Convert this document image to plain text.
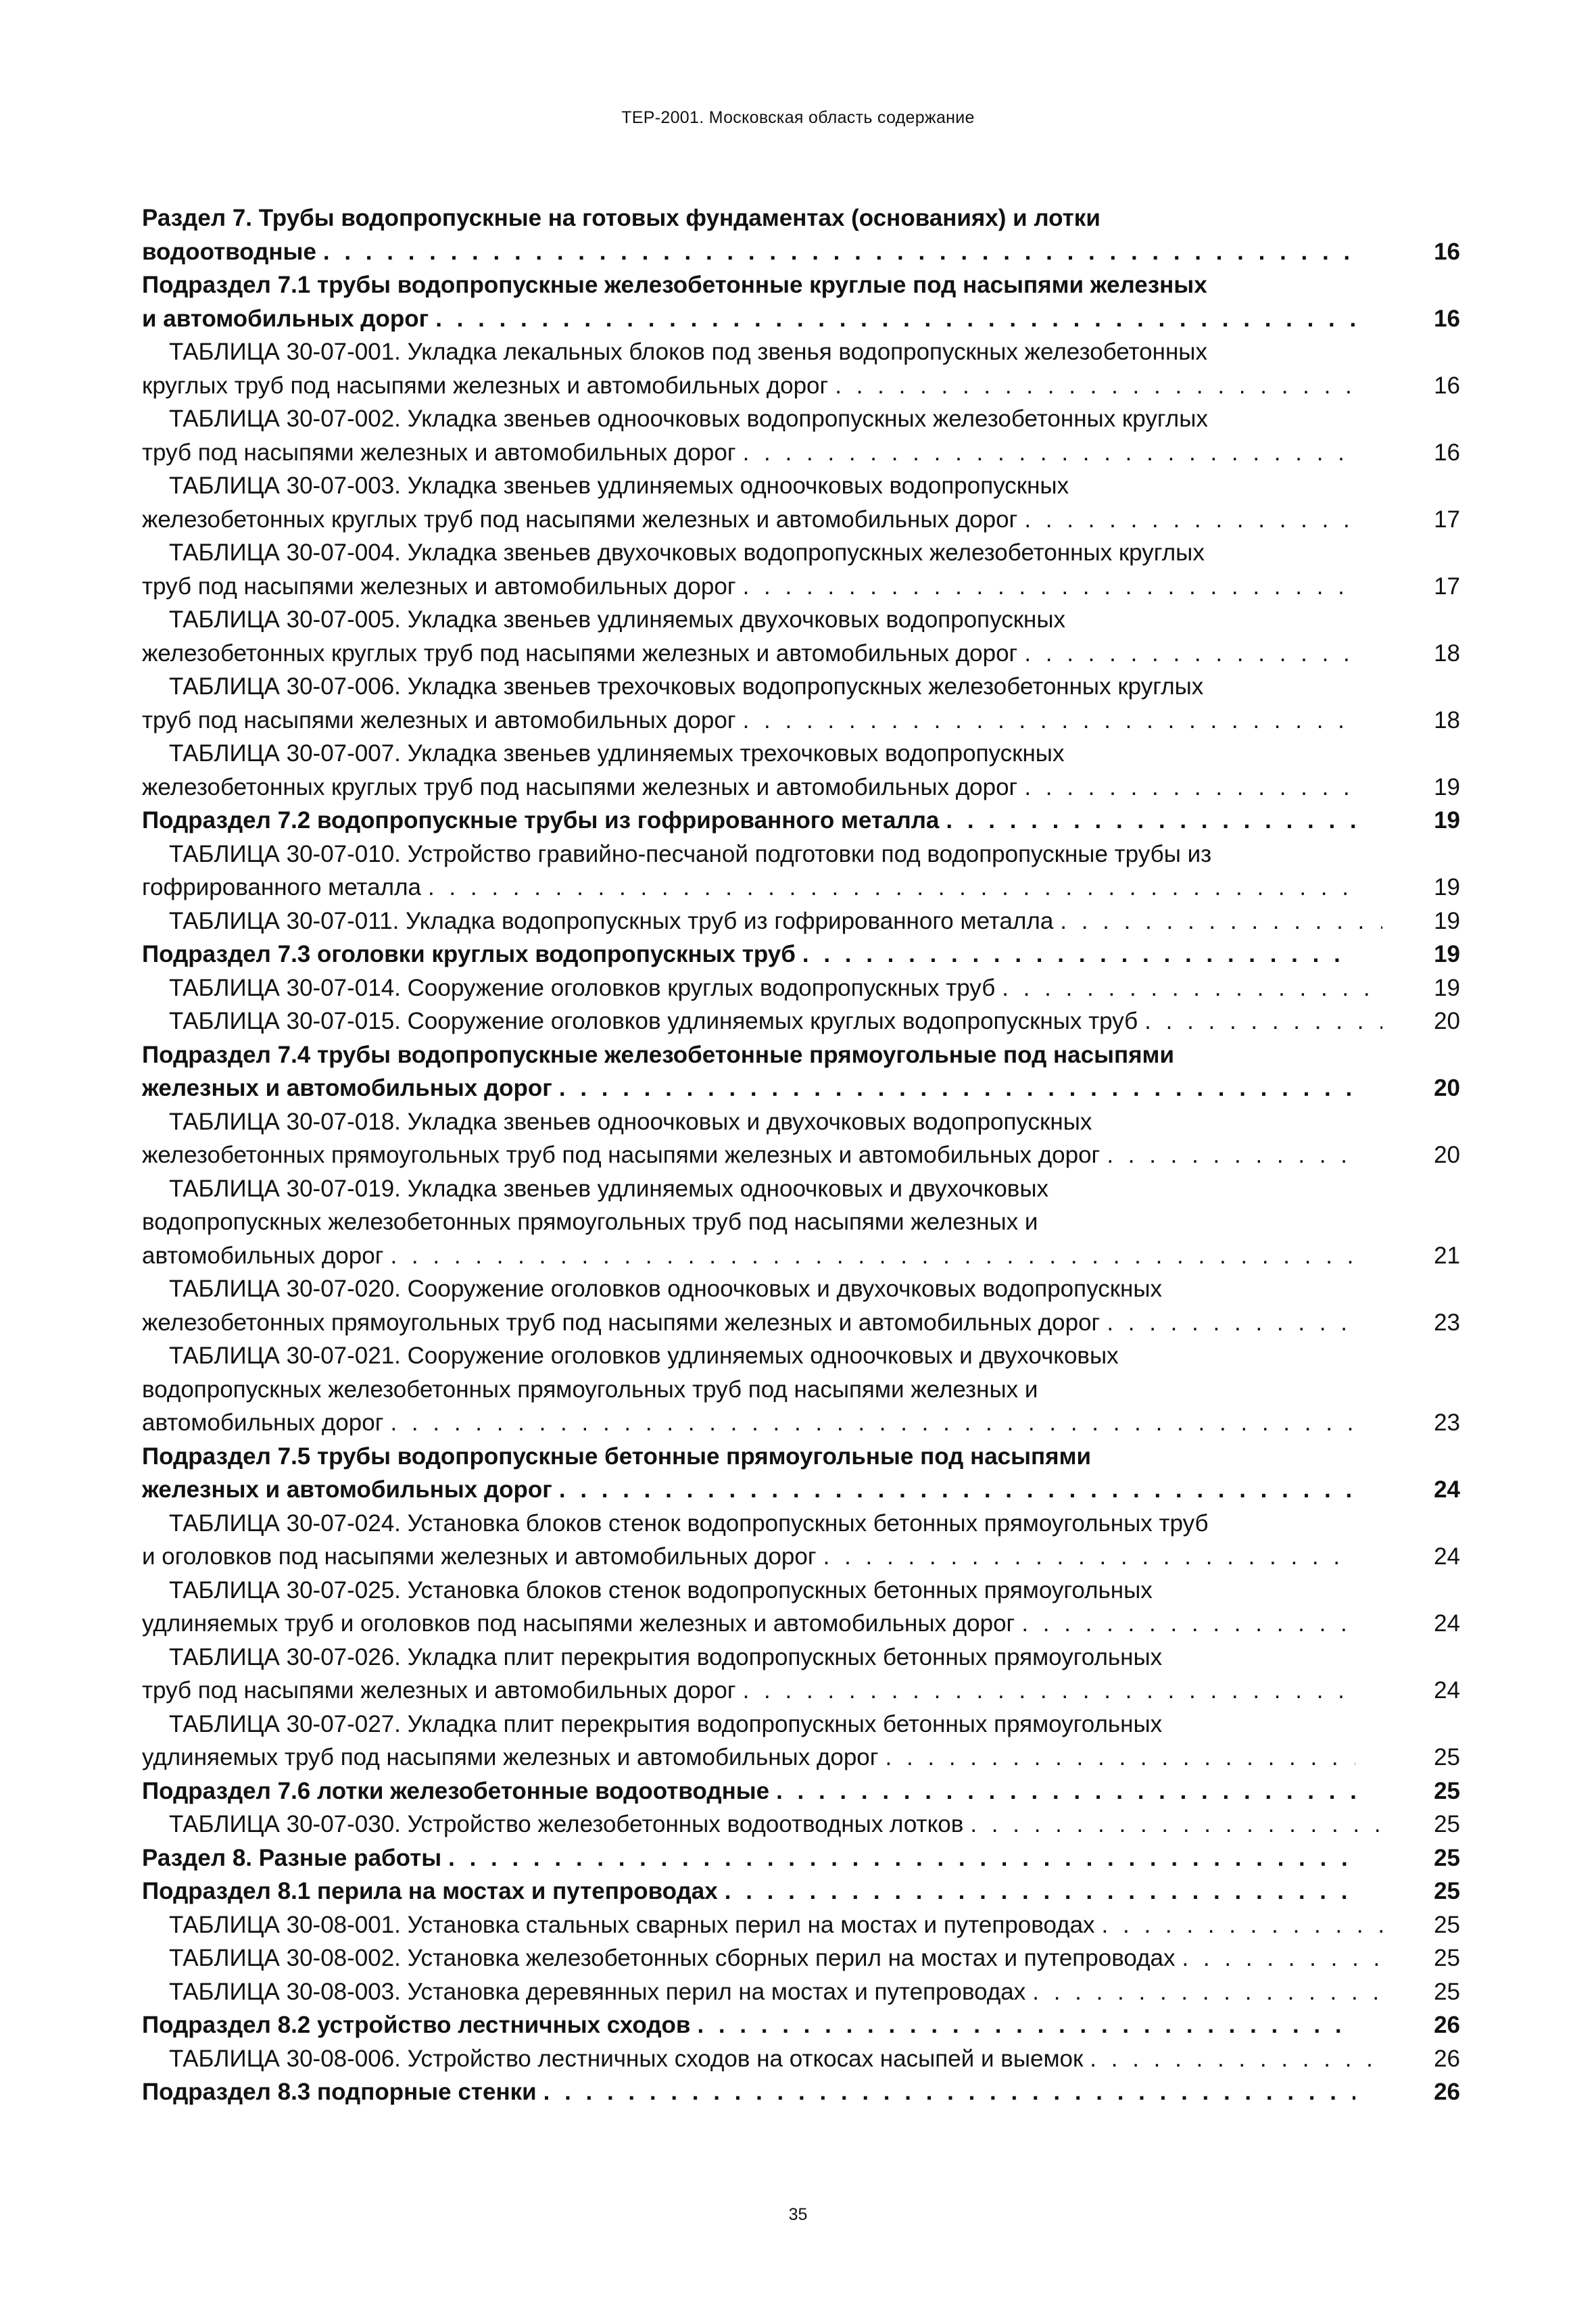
ТЕР-2001. Московская область содержание
Раздел 7. Трубы водопропускные на готовых фундаментах (основаниях) и лотки
водоотводные . . .	16
Подраздел 7.1 трубы водопропускные железобетонные круглые под насыпями железных
и автомобильных дорог . . .	16
ТАБЛИЦА 30-07-001. Укладка лекальных блоков под звенья водопропускных железобетонных
круглых труб под насыпями железных и автомобильных дорог . . .	16
ТАБЛИЦА 30-07-002. Укладка звеньев одноочковых водопропускных железобетонных круглых
труб под насыпями железных и автомобильных дорог . . .	16
ТАБЛИЦА 30-07-003. Укладка звеньев удлиняемых одноочковых водопропускных
железобетонных круглых труб под насыпями железных и автомобильных дорог . . .	17
ТАБЛИЦА 30-07-004. Укладка звеньев двухочковых водопропускных железобетонных круглых
труб под насыпями железных и автомобильных дорог . . .	17
ТАБЛИЦА 30-07-005. Укладка звеньев удлиняемых двухочковых водопропускных
железобетонных круглых труб под насыпями железных и автомобильных дорог . . .	18
ТАБЛИЦА 30-07-006. Укладка звеньев трехочковых водопропускных железобетонных круглых
труб под насыпями железных и автомобильных дорог . . .	18
ТАБЛИЦА 30-07-007. Укладка звеньев удлиняемых трехочковых водопропускных
железобетонных круглых труб под насыпями железных и автомобильных дорог . . .	19
Подраздел 7.2 водопропускные трубы из гофрированного металла . . .	19
ТАБЛИЦА 30-07-010. Устройство гравийно-песчаной подготовки под водопропускные трубы из
гофрированного металла . . .	19
ТАБЛИЦА 30-07-011. Укладка водопропускных труб из гофрированного металла . . .	19
Подраздел 7.3 оголовки круглых водопропускных труб . . .	19
ТАБЛИЦА 30-07-014. Сооружение оголовков круглых водопропускных труб . . .	19
ТАБЛИЦА 30-07-015. Сооружение оголовков удлиняемых круглых водопропускных труб . . .	20
Подраздел 7.4 трубы водопропускные железобетонные прямоугольные под насыпями
железных и автомобильных дорог . . .	20
ТАБЛИЦА 30-07-018. Укладка звеньев одноочковых и двухочковых водопропускных
железобетонных прямоугольных труб под насыпями железных и автомобильных дорог . . .	20
ТАБЛИЦА 30-07-019. Укладка звеньев удлиняемых одноочковых и двухочковых
водопропускных железобетонных прямоугольных труб под насыпями железных и
автомобильных дорог . . .	21
ТАБЛИЦА 30-07-020. Сооружение оголовков одноочковых и двухочковых водопропускных
железобетонных прямоугольных труб под насыпями железных и автомобильных дорог . . .	23
ТАБЛИЦА 30-07-021. Сооружение оголовков удлиняемых одноочковых и двухочковых
водопропускных железобетонных прямоугольных труб под насыпями железных и
автомобильных дорог . . .	23
Подраздел 7.5 трубы водопропускные бетонные прямоугольные под насыпями
железных и автомобильных дорог . . .	24
ТАБЛИЦА 30-07-024. Установка блоков стенок водопропускных бетонных прямоугольных труб
и оголовков под насыпями железных и автомобильных дорог . . .	24
ТАБЛИЦА 30-07-025. Установка блоков стенок водопропускных бетонных прямоугольных
удлиняемых труб и оголовков под насыпями железных и автомобильных дорог . . .	24
ТАБЛИЦА 30-07-026. Укладка плит перекрытия водопропускных бетонных прямоугольных
труб под насыпями железных и автомобильных дорог . . .	24
ТАБЛИЦА 30-07-027. Укладка плит перекрытия водопропускных бетонных прямоугольных
удлиняемых труб под насыпями железных и автомобильных дорог . . .	25
Подраздел 7.6 лотки железобетонные водоотводные . . .	25
ТАБЛИЦА 30-07-030. Устройство железобетонных водоотводных лотков . . .	25
Раздел 8. Разные работы . . .	25
Подраздел 8.1 перила на мостах и путепроводах . . .	25
ТАБЛИЦА 30-08-001. Установка стальных сварных перил на мостах и путепроводах . . .	25
ТАБЛИЦА 30-08-002. Установка железобетонных сборных перил на мостах и путепроводах . . .	25
ТАБЛИЦА 30-08-003. Установка деревянных перил на мостах и путепроводах . . .	25
Подраздел 8.2 устройство лестничных сходов . . .	26
ТАБЛИЦА 30-08-006. Устройство лестничных сходов на откосах насыпей и выемок . . .	26
Подраздел 8.3 подпорные стенки . . .	26
35
